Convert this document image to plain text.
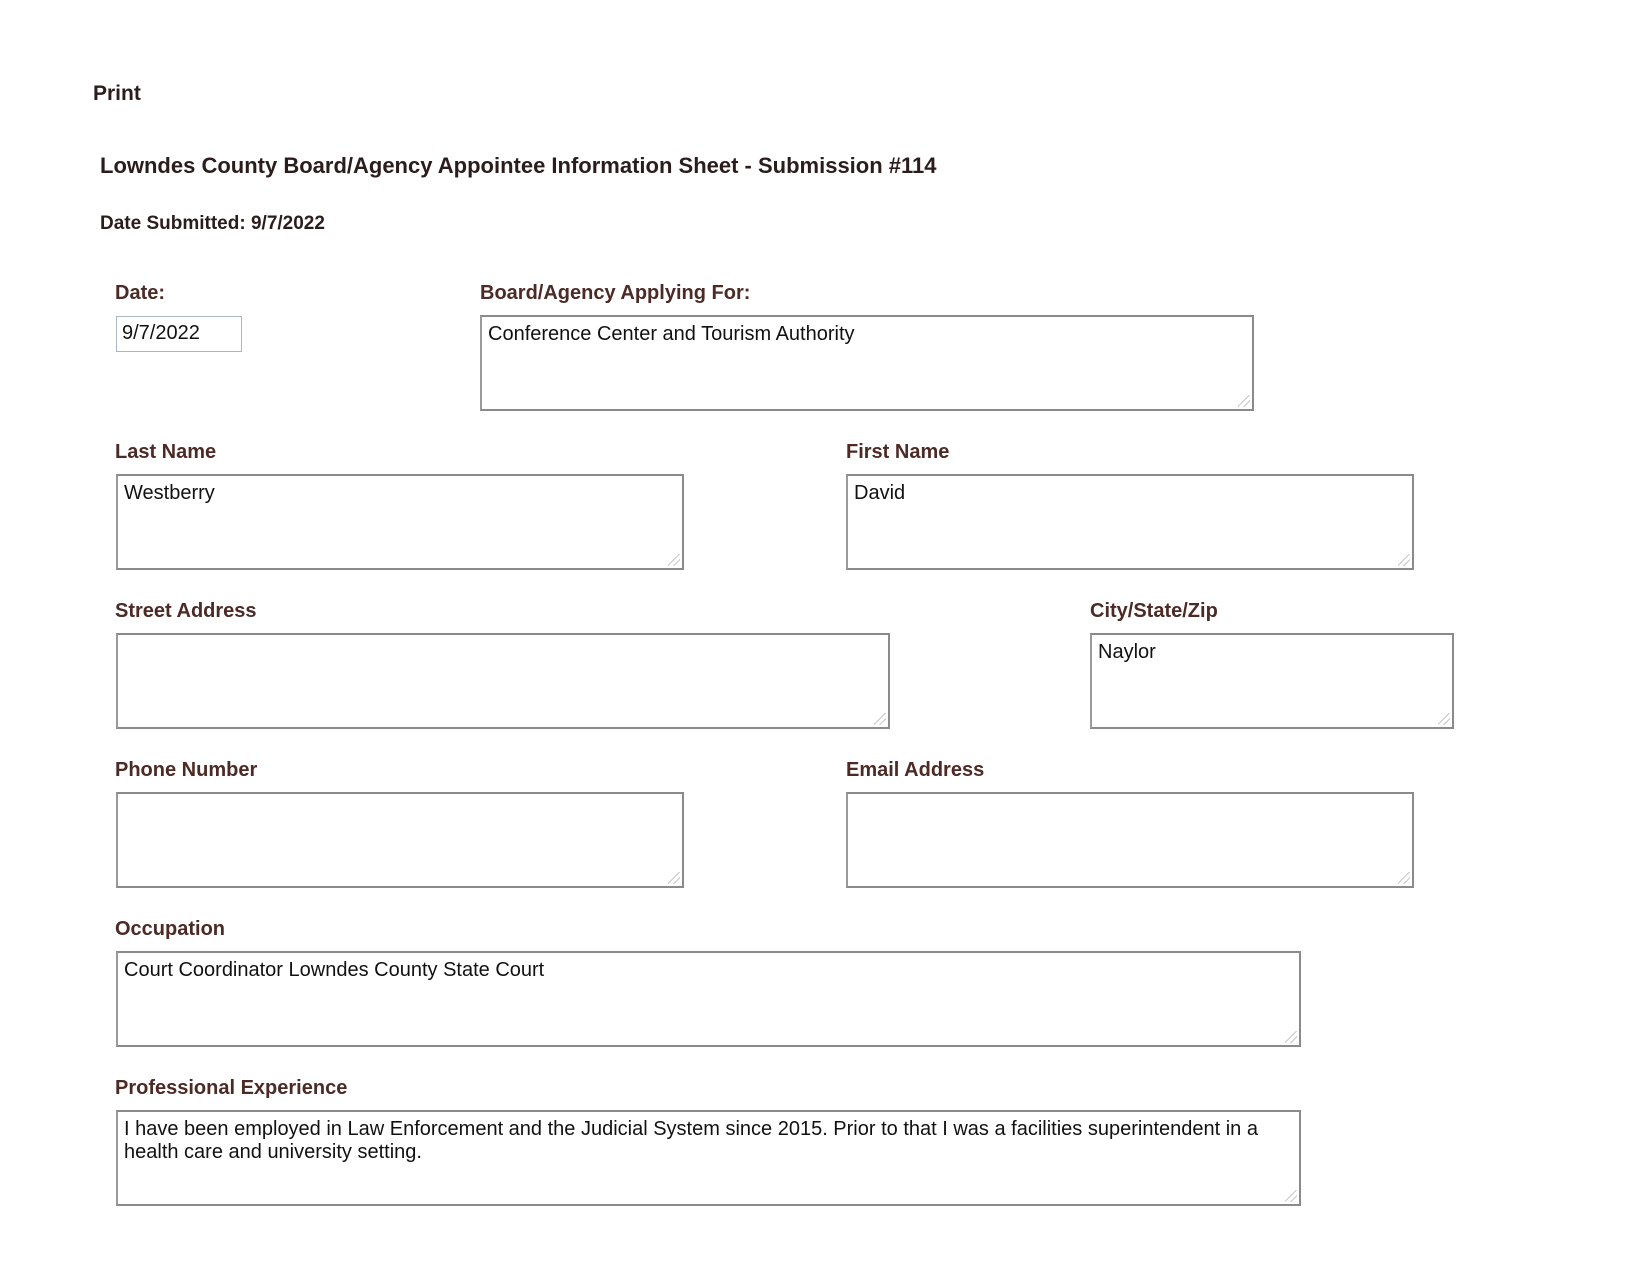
Print
Lowndes County Board/Agency Appointee Information Sheet - Submission #114
Date Submitted: 9/7/2022
Date:
9/7/2022
Board/Agency Applying For:
Conference Center and Tourism Authority
Last Name
Westberry
First Name
David
Street Address	City/State/Zip
Naylor
Phone Number	Email Address
Occupation
Court Coordinator Lowndes County State Court
Professional Experience
I have been employed in Law Enforcement and the Judicial System since 2015. Prior to that I was a facilities superintendent in a health care and university setting.
